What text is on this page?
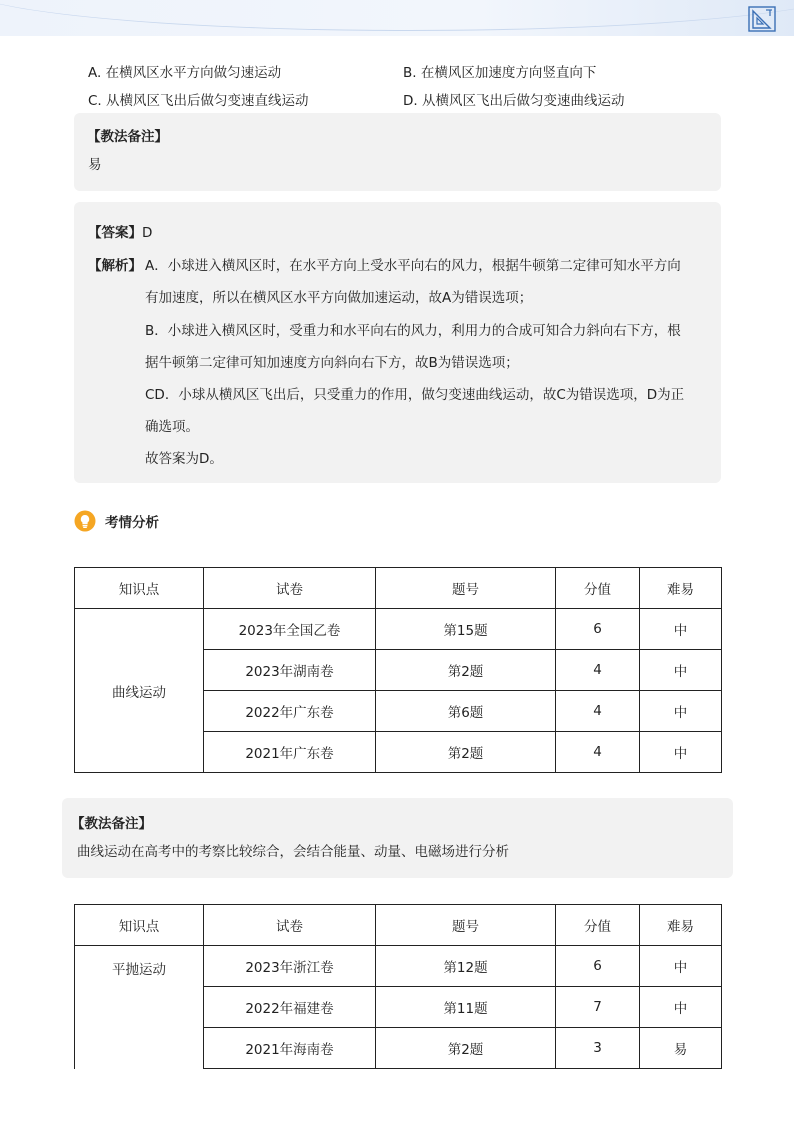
A. 在横风区水平方向做匀速运动	B. 在横风区加速度方向竖直向下
C. 从横风区飞出后做匀变速直线运动	D. 从横风区飞出后做匀变速曲线运动
【教法备注】
易
【答案】D
【解析】 A．小球进入横风区时，在水平方向上受水平向右的风力，根据牛顿第二定律可知水平方向
有加速度，所以在横风区水平方向做加速运动，故A为错误选项；
B．小球进入横风区时，受重力和水平向右的风力，利用力的合成可知合力斜向右下方，根
据牛顿第二定律可知加速度方向斜向右下方，故B为错误选项；
CD．小球从横风区飞出后，只受重力的作用，做匀变速曲线运动，故C为错误选项，D为正
确选项。
故答案为D。
考情分析
知识点	试卷	题号	分值	难易
曲线运动	2023年全国乙卷	第15题	6	中
	2023年湖南卷	第2题	4	中
	2022年广东卷	第6题	4	中
	2021年广东卷	第2题	4	中
【教法备注】
曲线运动在高考中的考察比较综合，会结合能量、动量、电磁场进行分析
知识点	试卷	题号	分值	难易
平抛运动	2023年浙江卷	第12题	6	中
	2022年福建卷	第11题	7	中
	2021年海南卷	第2题	3	易
